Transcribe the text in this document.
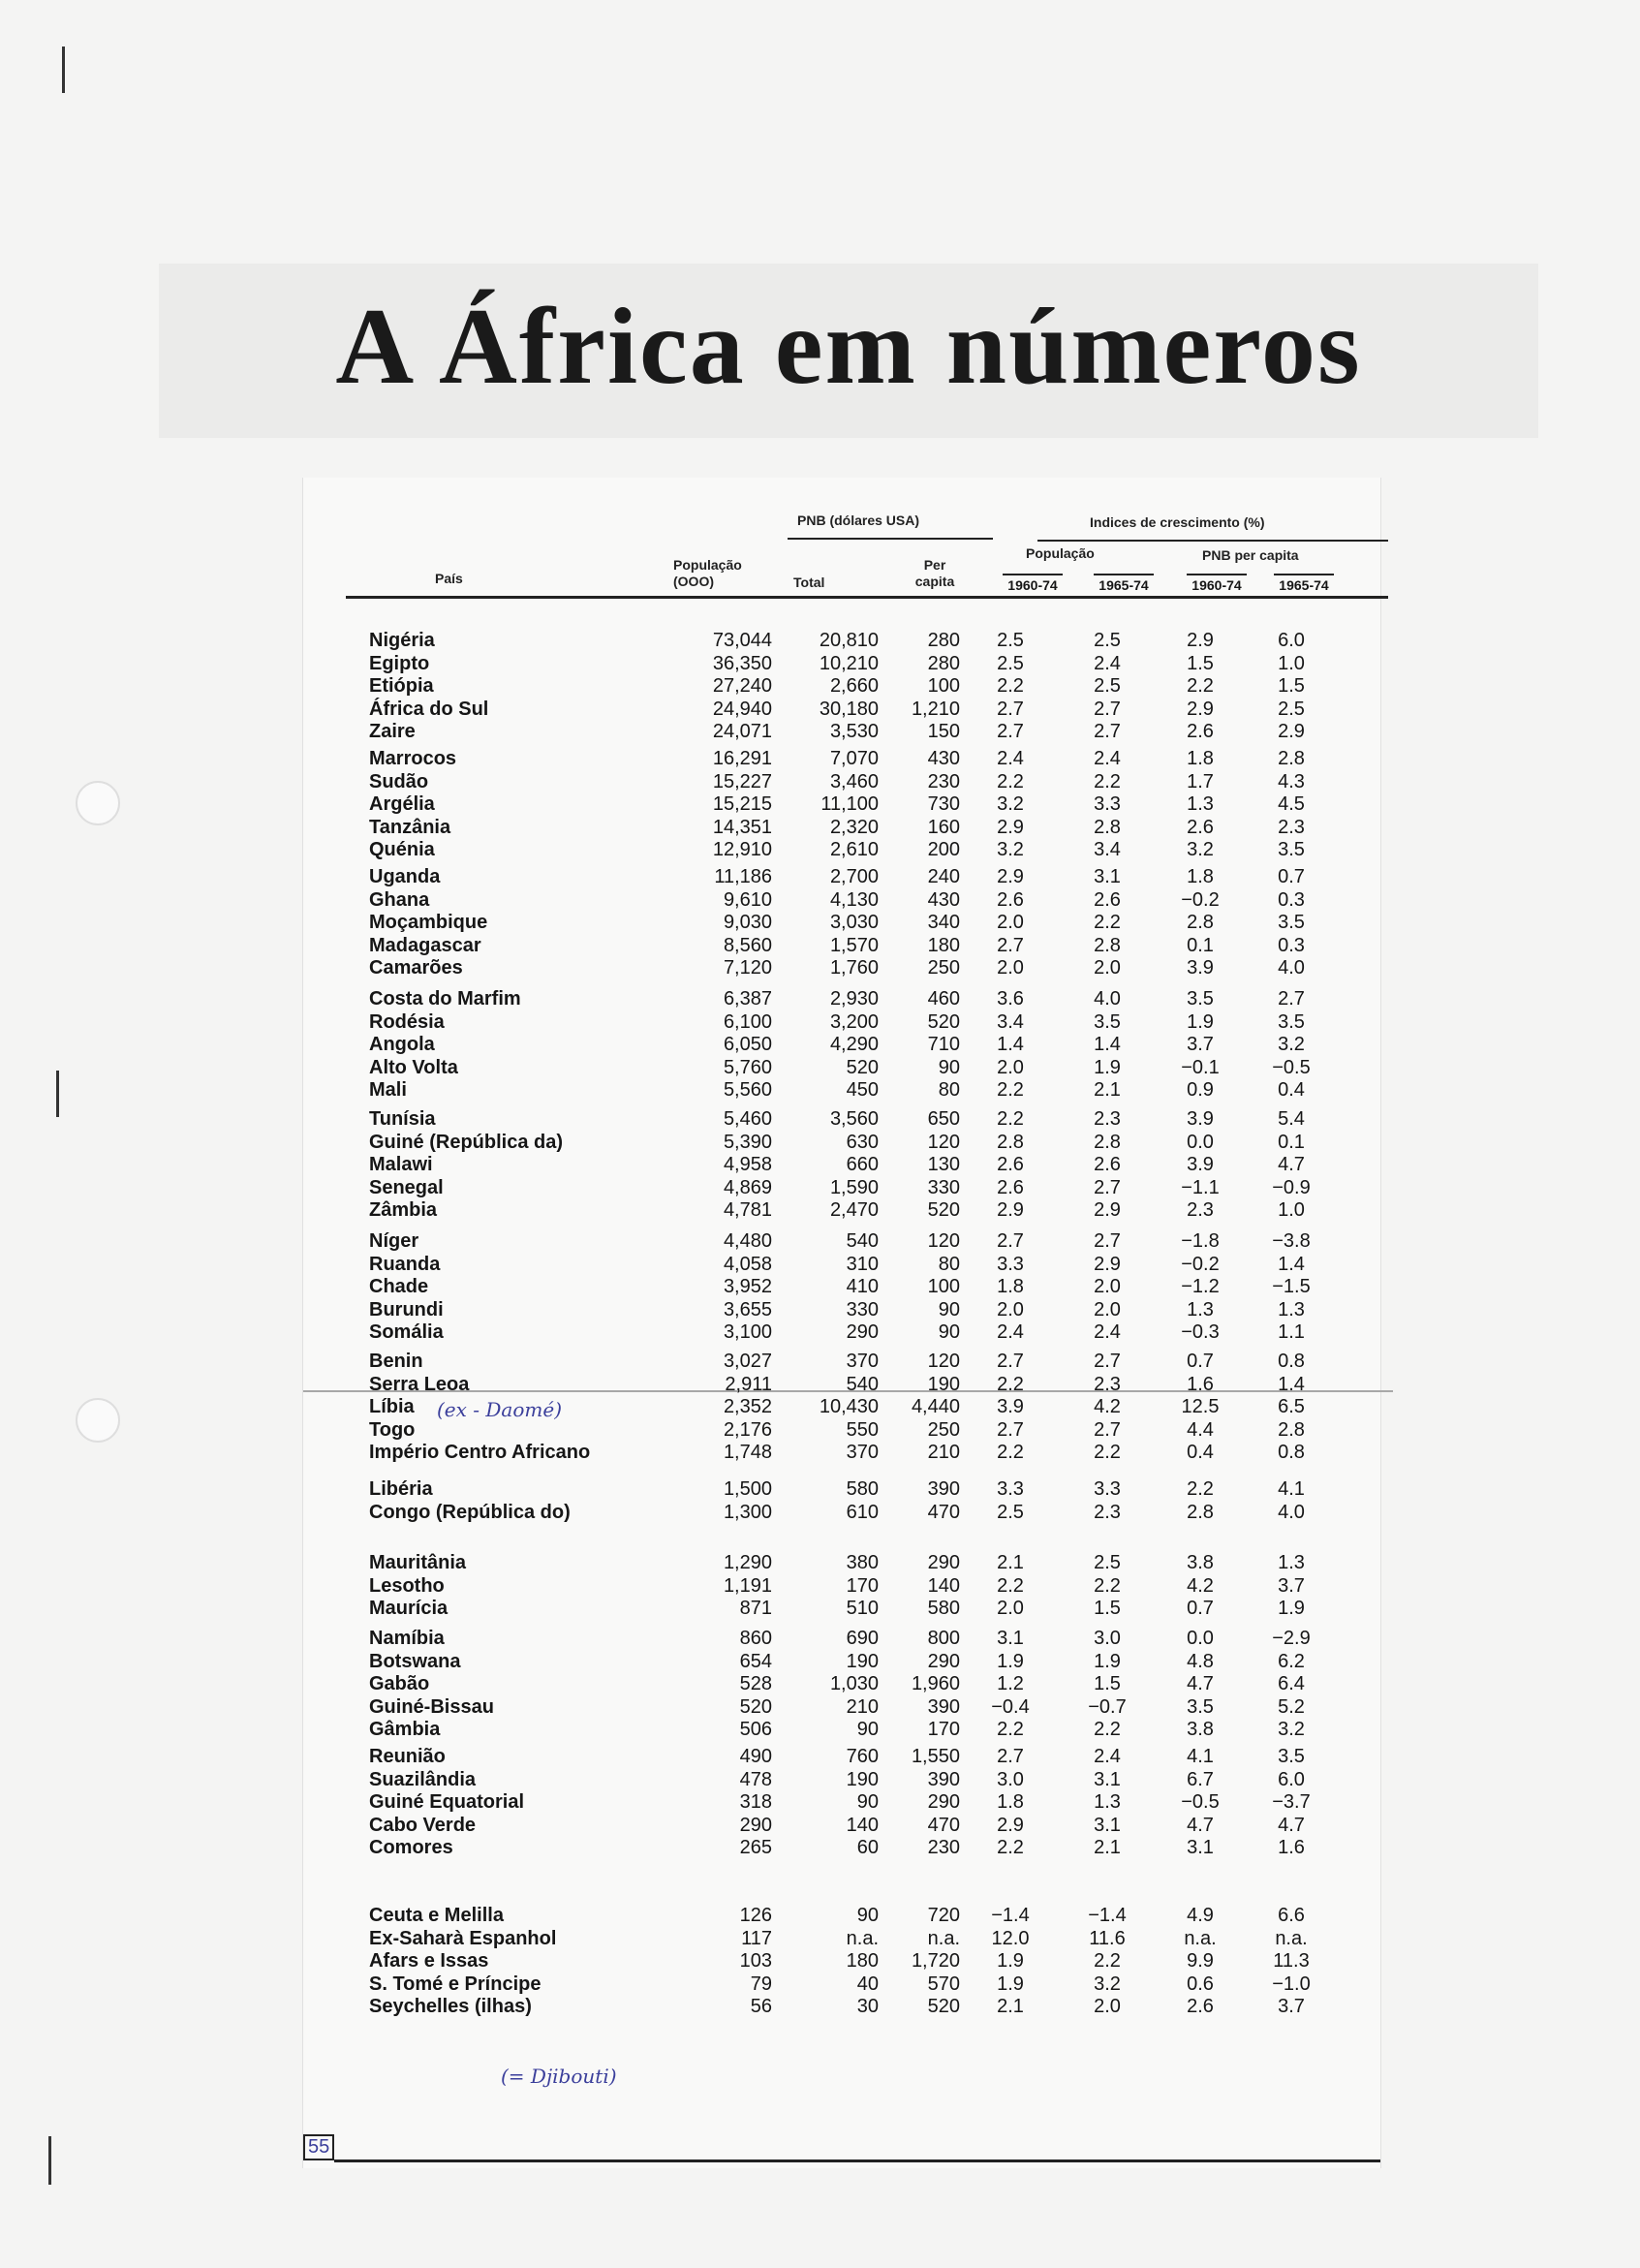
A África em números
PNB (dólares USA)	Indices de crescimento (%)
População	PNB per capita
País
População (OOO)	Total
Per capita	1960-74	1965-74	1960-74	1965-74
Nigéria	73,044	20,810	280	2.5	2.5	2.9	6.0
Egipto	36,350	10,210	280	2.5	2.4	1.5	1.0
Etiópia	27,240	2,660	100	2.2	2.5	2.2	1.5
África do Sul	24,940	30,180	1,210	2.7	2.7	2.9	2.5
Zaire	24,071	3,530	150	2.7	2.7	2.6	2.9
Marrocos	16,291	7,070	430	2.4	2.4	1.8	2.8
Sudão	15,227	3,460	230	2.2	2.2	1.7	4.3
Argélia	15,215	11,100	730	3.2	3.3	1.3	4.5
Tanzânia	14,351	2,320	160	2.9	2.8	2.6	2.3
Quénia	12,910	2,610	200	3.2	3.4	3.2	3.5
Uganda	11,186	2,700	240	2.9	3.1	1.8	0.7
Ghana	9,610	4,130	430	2.6	2.6	−0.2	0.3
Moçambique	9,030	3,030	340	2.0	2.2	2.8	3.5
Madagascar	8,560	1,570	180	2.7	2.8	0.1	0.3
Camarões	7,120	1,760	250	2.0	2.0	3.9	4.0
Costa do Marfim	6,387	2,930	460	3.6	4.0	3.5	2.7
Rodésia	6,100	3,200	520	3.4	3.5	1.9	3.5
Angola	6,050	4,290	710	1.4	1.4	3.7	3.2
Alto Volta	5,760	520	90	2.0	1.9	−0.1	−0.5
Mali	5,560	450	80	2.2	2.1	0.9	0.4
Tunísia	5,460	3,560	650	2.2	2.3	3.9	5.4
Guiné (República da)	5,390	630	120	2.8	2.8	0.0	0.1
Malawi	4,958	660	130	2.6	2.6	3.9	4.7
Senegal	4,869	1,590	330	2.6	2.7	−1.1	−0.9
Zâmbia	4,781	2,470	520	2.9	2.9	2.3	1.0
Níger	4,480	540	120	2.7	2.7	−1.8	−3.8
Ruanda	4,058	310	80	3.3	2.9	−0.2	1.4
Chade	3,952	410	100	1.8	2.0	−1.2	−1.5
Burundi	3,655	330	90	2.0	2.0	1.3	1.3
Somália	3,100	290	90	2.4	2.4	−0.3	1.1
Benin	3,027	370	120	2.7	2.7	0.7	0.8
Serra Leoa	2,911	540	190	2.2	2.3	1.6	1.4
Líbia	2,352	10,430	4,440	3.9	4.2	12.5	6.5
Togo	2,176	550	250	2.7	2.7	4.4	2.8
Império Centro Africano	1,748	370	210	2.2	2.2	0.4	0.8
Libéria	1,500	580	390	3.3	3.3	2.2	4.1
Congo (República do)	1,300	610	470	2.5	2.3	2.8	4.0
Mauritânia	1,290	380	290	2.1	2.5	3.8	1.3
Lesotho	1,191	170	140	2.2	2.2	4.2	3.7
Maurícia	871	510	580	2.0	1.5	0.7	1.9
Namíbia	860	690	800	3.1	3.0	0.0	−2.9
Botswana	654	190	290	1.9	1.9	4.8	6.2
Gabão	528	1,030	1,960	1.2	1.5	4.7	6.4
Guiné-Bissau	520	210	390	−0.4	−0.7	3.5	5.2
Gâmbia	506	90	170	2.2	2.2	3.8	3.2
Reunião	490	760	1,550	2.7	2.4	4.1	3.5
Suazilândia	478	190	390	3.0	3.1	6.7	6.0
Guiné Equatorial	318	90	290	1.8	1.3	−0.5	−3.7
Cabo Verde	290	140	470	2.9	3.1	4.7	4.7
Comores	265	60	230	2.2	2.1	3.1	1.6
Ceuta e Melilla	126	90	720	−1.4	−1.4	4.9	6.6
Ex-Saharà Espanhol	117	n.a.	n.a.	12.0	11.6	n.a.	n.a.
Afars e Issas	103	180	1,720	1.9	2.2	9.9	11.3
S. Tomé e Príncipe	79	40	570	1.9	3.2	0.6	−1.0
Seychelles (ilhas)	56	30	520	2.1	2.0	2.6	3.7
(ex - Daomé)
(= Djibouti)
55
